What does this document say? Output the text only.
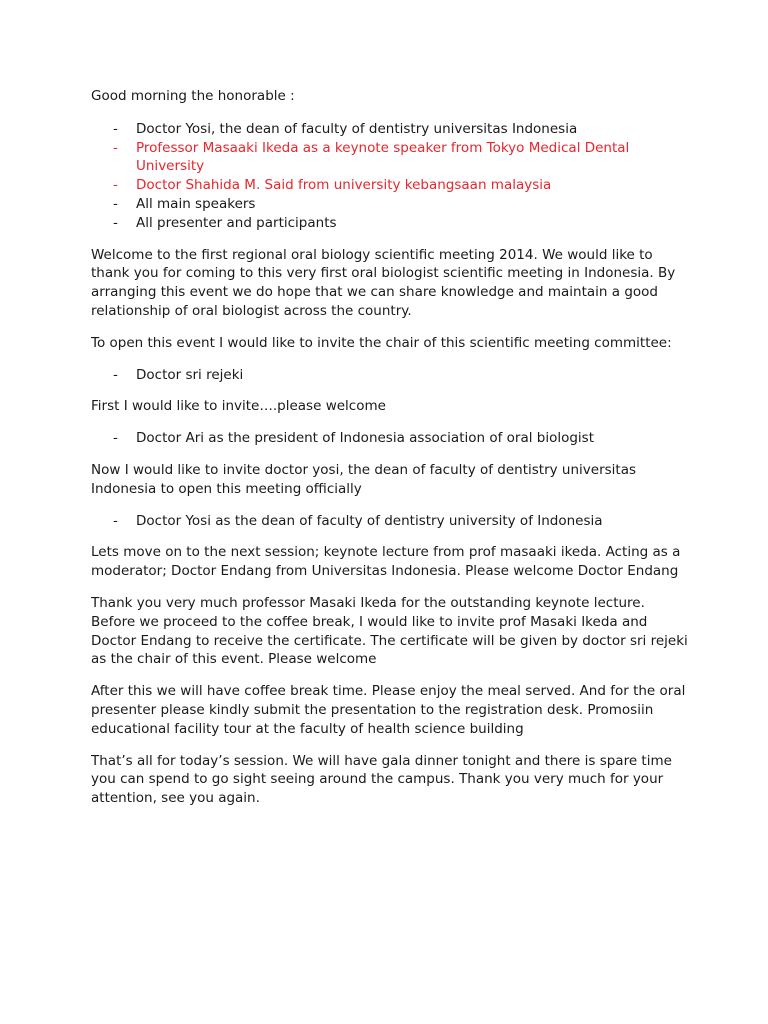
Good morning the honorable :

- Doctor Yosi, the dean of faculty of dentistry universitas Indonesia
- Professor Masaaki Ikeda as a keynote speaker from Tokyo Medical Dental University
- Doctor Shahida M. Said from university kebangsaan malaysia
- All main speakers
- All presenter and participants

Welcome to the first regional oral biology scientific meeting 2014. We would like to thank you for coming to this very first oral biologist scientific meeting in Indonesia. By arranging this event we do hope that we can share knowledge and maintain a good relationship of oral biologist across the country.

To open this event I would like to invite the chair of this scientific meeting committee:

- Doctor sri rejeki

First I would like to invite….please welcome

- Doctor Ari as the president of Indonesia association of oral biologist

Now I would like to invite doctor yosi, the dean of faculty of dentistry universitas Indonesia to open this meeting officially

- Doctor Yosi as the dean of faculty of dentistry university of Indonesia

Lets move on to the next session; keynote lecture from prof masaaki ikeda. Acting as a moderator; Doctor Endang from Universitas Indonesia. Please welcome Doctor Endang

Thank you very much professor Masaki Ikeda for the outstanding keynote lecture. Before we proceed to the coffee break, I would like to invite prof Masaki Ikeda and Doctor Endang to receive the certificate. The certificate will be given by doctor sri rejeki as the chair of this event. Please welcome

After this we will have coffee break time. Please enjoy the meal served. And for the oral presenter please kindly submit the presentation to the registration desk. Promosiin educational facility tour at the faculty of health science building

That’s all for today’s session. We will have gala dinner tonight and there is spare time you can spend to go sight seeing around the campus. Thank you very much for your attention, see you again.
